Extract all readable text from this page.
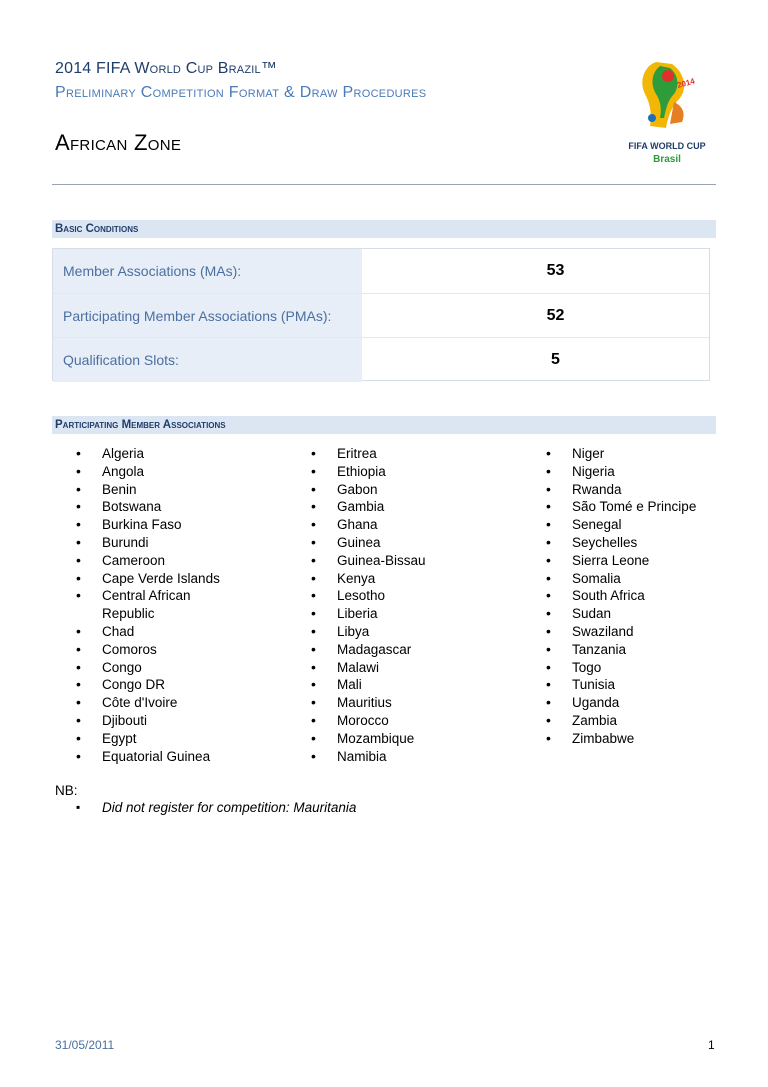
2014 FIFA World Cup Brazil™
Preliminary Competition Format & Draw Procedures
African Zone
2014
FIFA WORLD CUP
Brasil
Basic Conditions
Member Associations (MAs):	53
Participating Member Associations (PMAs):	52
Qualification Slots:	5
Participating Member Associations
• Algeria
• Angola
• Benin
• Botswana
• Burkina Faso
• Burundi
• Cameroon
• Cape Verde Islands
• Central African Republic
• Chad
• Comoros
• Congo
• Congo DR
• Côte d'Ivoire
• Djibouti
• Egypt
• Equatorial Guinea
• Eritrea
• Ethiopia
• Gabon
• Gambia
• Ghana
• Guinea
• Guinea-Bissau
• Kenya
• Lesotho
• Liberia
• Libya
• Madagascar
• Malawi
• Mali
• Mauritius
• Morocco
• Mozambique
• Namibia
• Niger
• Nigeria
• Rwanda
• São Tomé e Principe
• Senegal
• Seychelles
• Sierra Leone
• Somalia
• South Africa
• Sudan
• Swaziland
• Tanzania
• Togo
• Tunisia
• Uganda
• Zambia
• Zimbabwe
NB:
▪ Did not register for competition: Mauritania
31/05/2011	1
